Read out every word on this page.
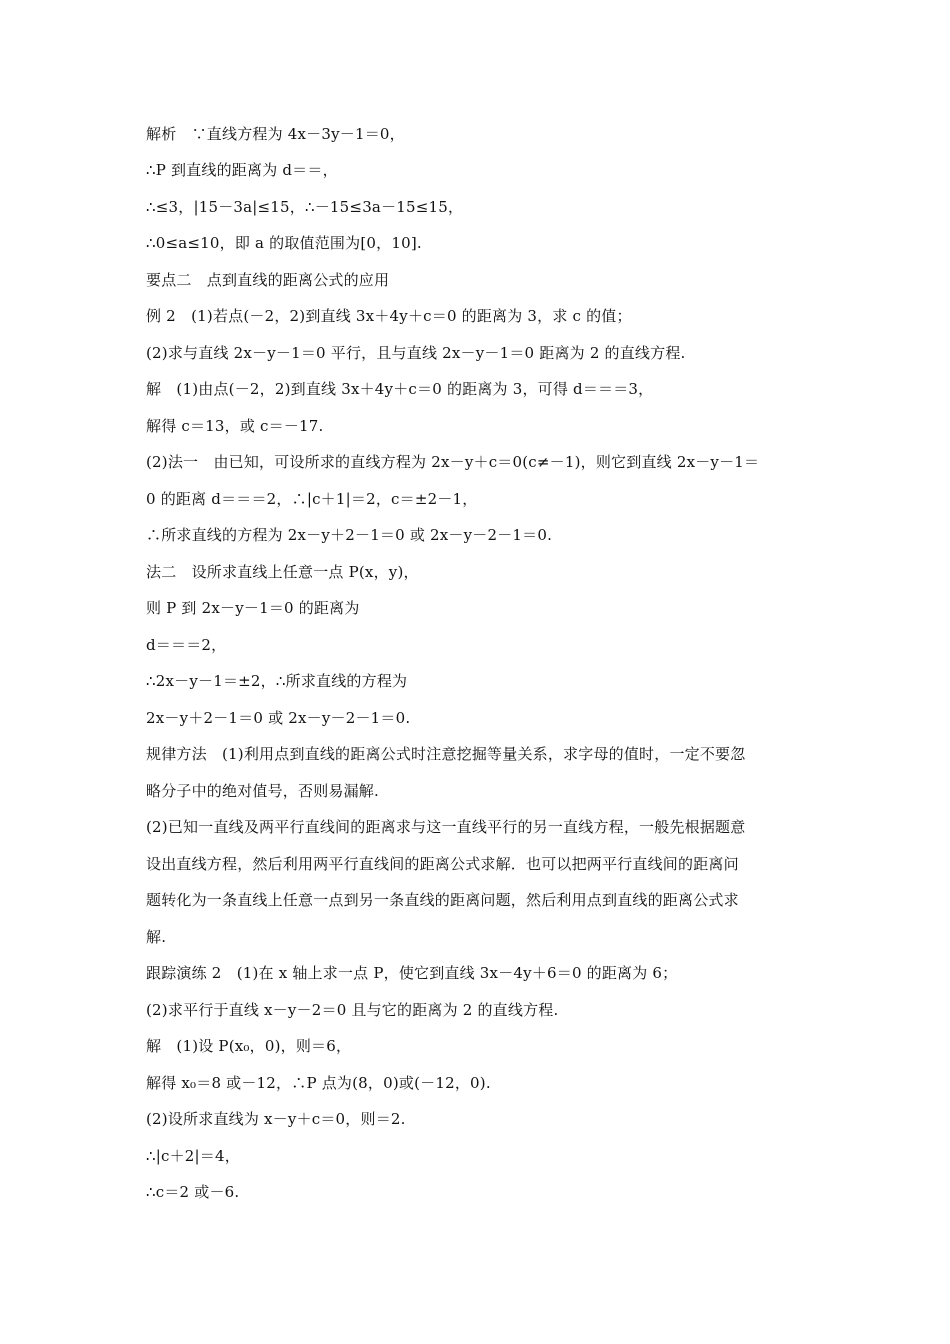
解析　∵直线方程为 4x－3y－1＝0，
∴P 到直线的距离为 d＝＝，
∴≤3，|15－3a|≤15，∴－15≤3a－15≤15，
∴0≤a≤10，即 a 的取值范围为[0，10].
要点二　点到直线的距离公式的应用
例 2　(1)若点(－2，2)到直线 3x＋4y＋c＝0 的距离为 3，求 c 的值；
(2)求与直线 2x－y－1＝0 平行，且与直线 2x－y－1＝0 距离为 2 的直线方程.
解　(1)由点(－2，2)到直线 3x＋4y＋c＝0 的距离为 3，可得 d＝＝＝3，
解得 c＝13，或 c＝－17.
(2)法一　由已知，可设所求的直线方程为 2x－y＋c＝0(c≠－1)，则它到直线 2x－y－1＝
0 的距离 d＝＝＝2，∴|c＋1|＝2，c＝±2－1，
∴所求直线的方程为 2x－y＋2－1＝0 或 2x－y－2－1＝0.
法二　设所求直线上任意一点 P(x，y)，
则 P 到 2x－y－1＝0 的距离为
d＝＝＝2，
∴2x－y－1＝±2，∴所求直线的方程为
2x－y＋2－1＝0 或 2x－y－2－1＝0.
规律方法　(1)利用点到直线的距离公式时注意挖掘等量关系，求字母的值时，一定不要忽
略分子中的绝对值号，否则易漏解.
(2)已知一直线及两平行直线间的距离求与这一直线平行的另一直线方程，一般先根据题意
设出直线方程，然后利用两平行直线间的距离公式求解．也可以把两平行直线间的距离问
题转化为一条直线上任意一点到另一条直线的距离问题，然后利用点到直线的距离公式求
解.
跟踪演练 2　(1)在 x 轴上求一点 P，使它到直线 3x－4y＋6＝0 的距离为 6；
(2)求平行于直线 x－y－2＝0 且与它的距离为 2 的直线方程.
解　(1)设 P(x₀，0)，则＝6，
解得 x₀＝8 或－12，∴P 点为(8，0)或(－12，0).
(2)设所求直线为 x－y＋c＝0，则＝2.
∴|c＋2|＝4，
∴c＝2 或－6.
